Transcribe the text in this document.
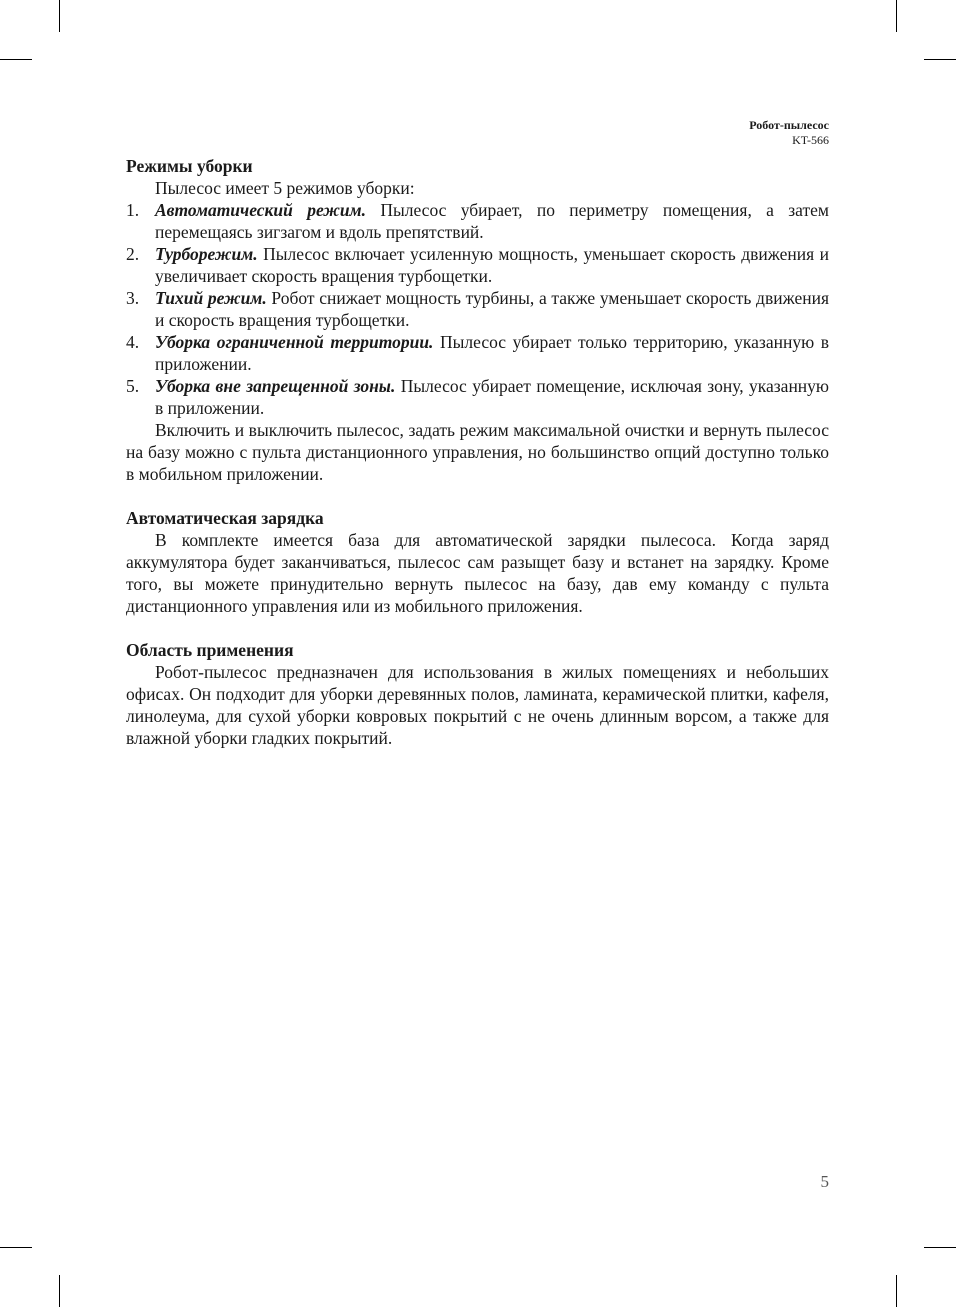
Робот-пылесос
KT-566

Режимы уборки

Пылесос имеет 5 режимов уборки:

1. Автоматический режим. Пылесос убирает, по периметру помещения, а затем перемещаясь зигзагом и вдоль препятствий.
2. Турборежим. Пылесос включает усиленную мощность, уменьшает скорость движения и увеличивает скорость вращения турбощетки.
3. Тихий режим. Робот снижает мощность турбины, а также уменьшает скорость движения и скорость вращения турбощетки.
4. Уборка ограниченной территории. Пылесос убирает только территорию, указанную в приложении.
5. Уборка вне запрещенной зоны. Пылесос убирает помещение, исключая зону, указанную в приложении.

Включить и выключить пылесос, задать режим максимальной очистки и вернуть пылесос на базу можно с пульта дистанционного управления, но большинство опций доступно только в мобильном приложении.

Автоматическая зарядка

В комплекте имеется база для автоматической зарядки пылесоса. Когда заряд аккумулятора будет заканчиваться, пылесос сам разыщет базу и встанет на зарядку. Кроме того, вы можете принудительно вернуть пылесос на базу, дав ему команду с пульта дистанционного управления или из мобильного приложения.

Область применения

Робот-пылесос предназначен для использования в жилых помещениях и небольших офисах. Он подходит для уборки деревянных полов, ламината, керамической плитки, кафеля, линолеума, для сухой уборки ковровых покрытий с не очень длинным ворсом, а также для влажной уборки гладких покрытий.

5
